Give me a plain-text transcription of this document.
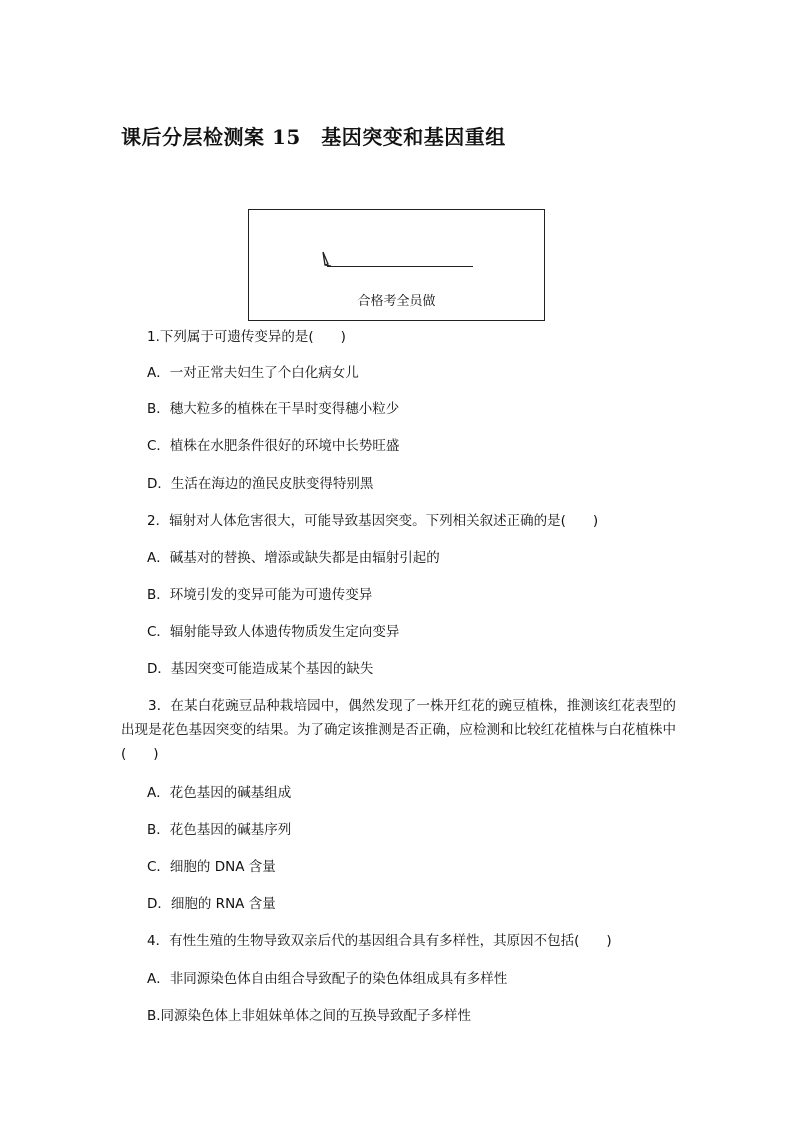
课后分层检测案 15　基因突变和基因重组
合格考全员做
1.下列属于可遗传变异的是(　　)
A．一对正常夫妇生了个白化病女儿
B．穗大粒多的植株在干旱时变得穗小粒少
C．植株在水肥条件很好的环境中长势旺盛
D．生活在海边的渔民皮肤变得特别黑
2．辐射对人体危害很大，可能导致基因突变。下列相关叙述正确的是(　　)
A．碱基对的替换、增添或缺失都是由辐射引起的
B．环境引发的变异可能为可遗传变异
C．辐射能导致人体遗传物质发生定向变异
D．基因突变可能造成某个基因的缺失
3．在某白花豌豆品种栽培园中，偶然发现了一株开红花的豌豆植株，推测该红花表型的出现是花色基因突变的结果。为了确定该推测是否正确，应检测和比较红花植株与白花植株中(　　)
A．花色基因的碱基组成
B．花色基因的碱基序列
C．细胞的 DNA 含量
D．细胞的 RNA 含量
4．有性生殖的生物导致双亲后代的基因组合具有多样性，其原因不包括(　　)
A．非同源染色体自由组合导致配子的染色体组成具有多样性
B.同源染色体上非姐妹单体之间的互换导致配子多样性
